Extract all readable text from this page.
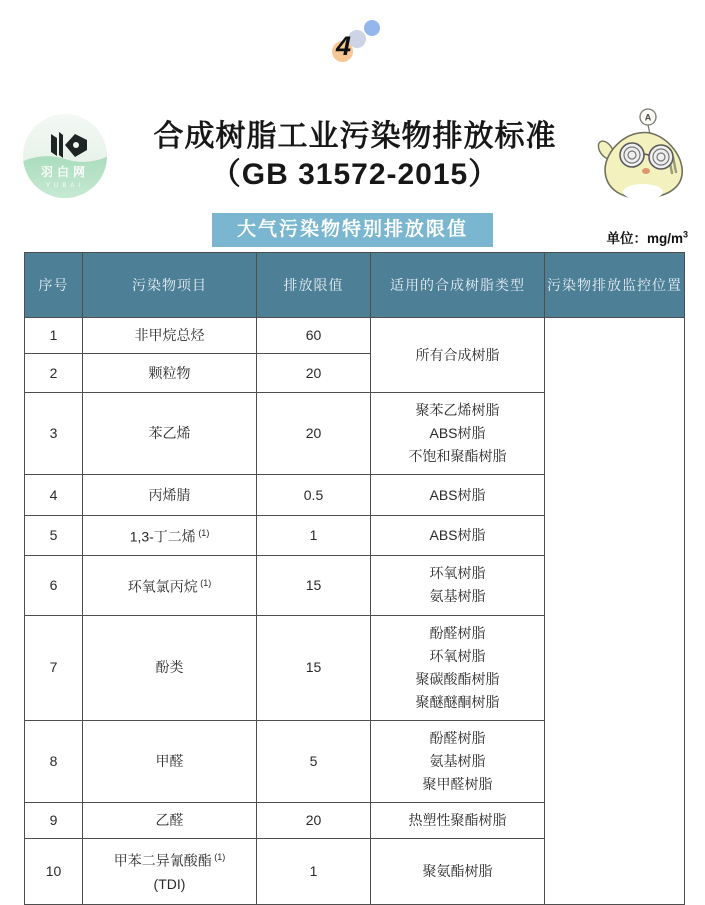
4
羽白网
YUBAI
合成树脂工业污染物排放标准
（GB 31572-2015）
A
大气污染物特别排放限值	单位：$mg/m^3$
序号	污染物项目	排放限值	适用的合成树脂类型	污染物排放监控位置
1	非甲烷总烃	60	所有合成树脂	

2	颗粒物	20		
3	苯乙烯	20	聚苯乙烯树脂
ABS树脂
不饱和聚酯树脂	

4	丙烯腈	0.5	ABS树脂	

5	1,3-丁二烯 $^{(1)}$	1	ABS树脂	

6	环氧氯丙烷 $^{(1)}$	15	环氧树脂
氨基树脂	

7	酚类	15	酚醛树脂
环氧树脂
聚碳酸酯树脂
聚醚醚酮树脂	

8	甲醛	5	酚醛树脂
氨基树脂
聚甲醛树脂	

9	乙醛	20	热塑性聚酯树脂	

10	甲苯二异氰酸酯 $^{(1)}$
(TDI)	1	聚氨酯树脂	
